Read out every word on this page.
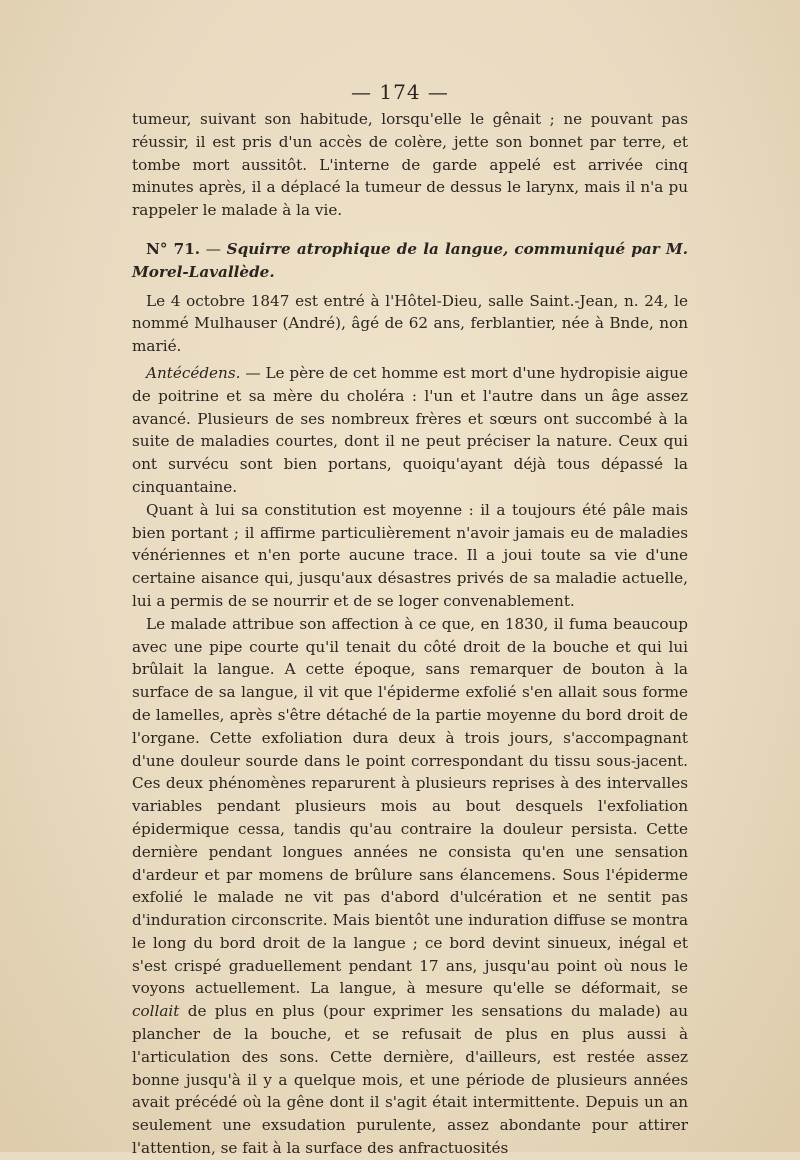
— 174 —

tumeur, suivant son habitude, lorsqu'elle le gênait ; ne pouvant pas réussir, il est pris d'un accès de colère, jette son bonnet par terre, et tombe mort aussitôt. L'interne de garde appelé est arrivée cinq minutes après, il a déplacé la tumeur de dessus le larynx, mais il n'a pu rappeler le malade à la vie.

N° 71. — Squirre atrophique de la langue, communiqué par M. Morel-Lavallède.

Le 4 octobre 1847 est entré à l'Hôtel-Dieu, salle Saint.-Jean, n. 24, le nommé Mulhauser (André), âgé de 62 ans, ferblantier, née à Bnde, non marié.

Antécédens. — Le père de cet homme est mort d'une hydropisie aigue de poitrine et sa mère du choléra : l'un et l'autre dans un âge assez avancé. Plusieurs de ses nombreux frères et sœurs ont succombé à la suite de maladies courtes, dont il ne peut préciser la nature. Ceux qui ont survécu sont bien portans, quoiqu'ayant déjà tous dépassé la cinquantaine.

Quant à lui sa constitution est moyenne : il a toujours été pâle mais bien portant ; il affirme particulièrement n'avoir jamais eu de maladies vénériennes et n'en porte aucune trace. Il a joui toute sa vie d'une certaine aisance qui, jusqu'aux désastres privés de sa maladie actuelle, lui a permis de se nourrir et de se loger convenablement.

Le malade attribue son affection à ce que, en 1830, il fuma beaucoup avec une pipe courte qu'il tenait du côté droit de la bouche et qui lui brûlait la langue. A cette époque, sans remarquer de bouton à la surface de sa langue, il vit que l'épiderme exfolié s'en allait sous forme de lamelles, après s'être détaché de la partie moyenne du bord droit de l'organe. Cette exfoliation dura deux à trois jours, s'accompagnant d'une douleur sourde dans le point correspondant du tissu sous-jacent. Ces deux phénomènes reparurent à plusieurs reprises à des intervalles variables pendant plusieurs mois au bout desquels l'exfoliation épidermique cessa, tandis qu'au contraire la douleur persista. Cette dernière pendant longues années ne consista qu'en une sensation d'ardeur et par momens de brûlure sans élancemens. Sous l'épiderme exfolié le malade ne vit pas d'abord d'ulcération et ne sentit pas d'induration circonscrite. Mais bientôt une induration diffuse se montra le long du bord droit de la langue ; ce bord devint sinueux, inégal et s'est crispé graduellement pendant 17 ans, jusqu'au point où nous le voyons actuellement. La langue, à mesure qu'elle se déformait, se collait de plus en plus (pour exprimer les sensations du malade) au plancher de la bouche, et se refusait de plus en plus aussi à l'articulation des sons. Cette dernière, d'ailleurs, est restée assez bonne jusqu'à il y a quelque mois, et une période de plusieurs années avait précédé où la gêne dont il s'agit était intermittente. Depuis un an seulement une exsudation purulente, assez abondante pour attirer l'attention, se fait à la surface des anfractuosités
